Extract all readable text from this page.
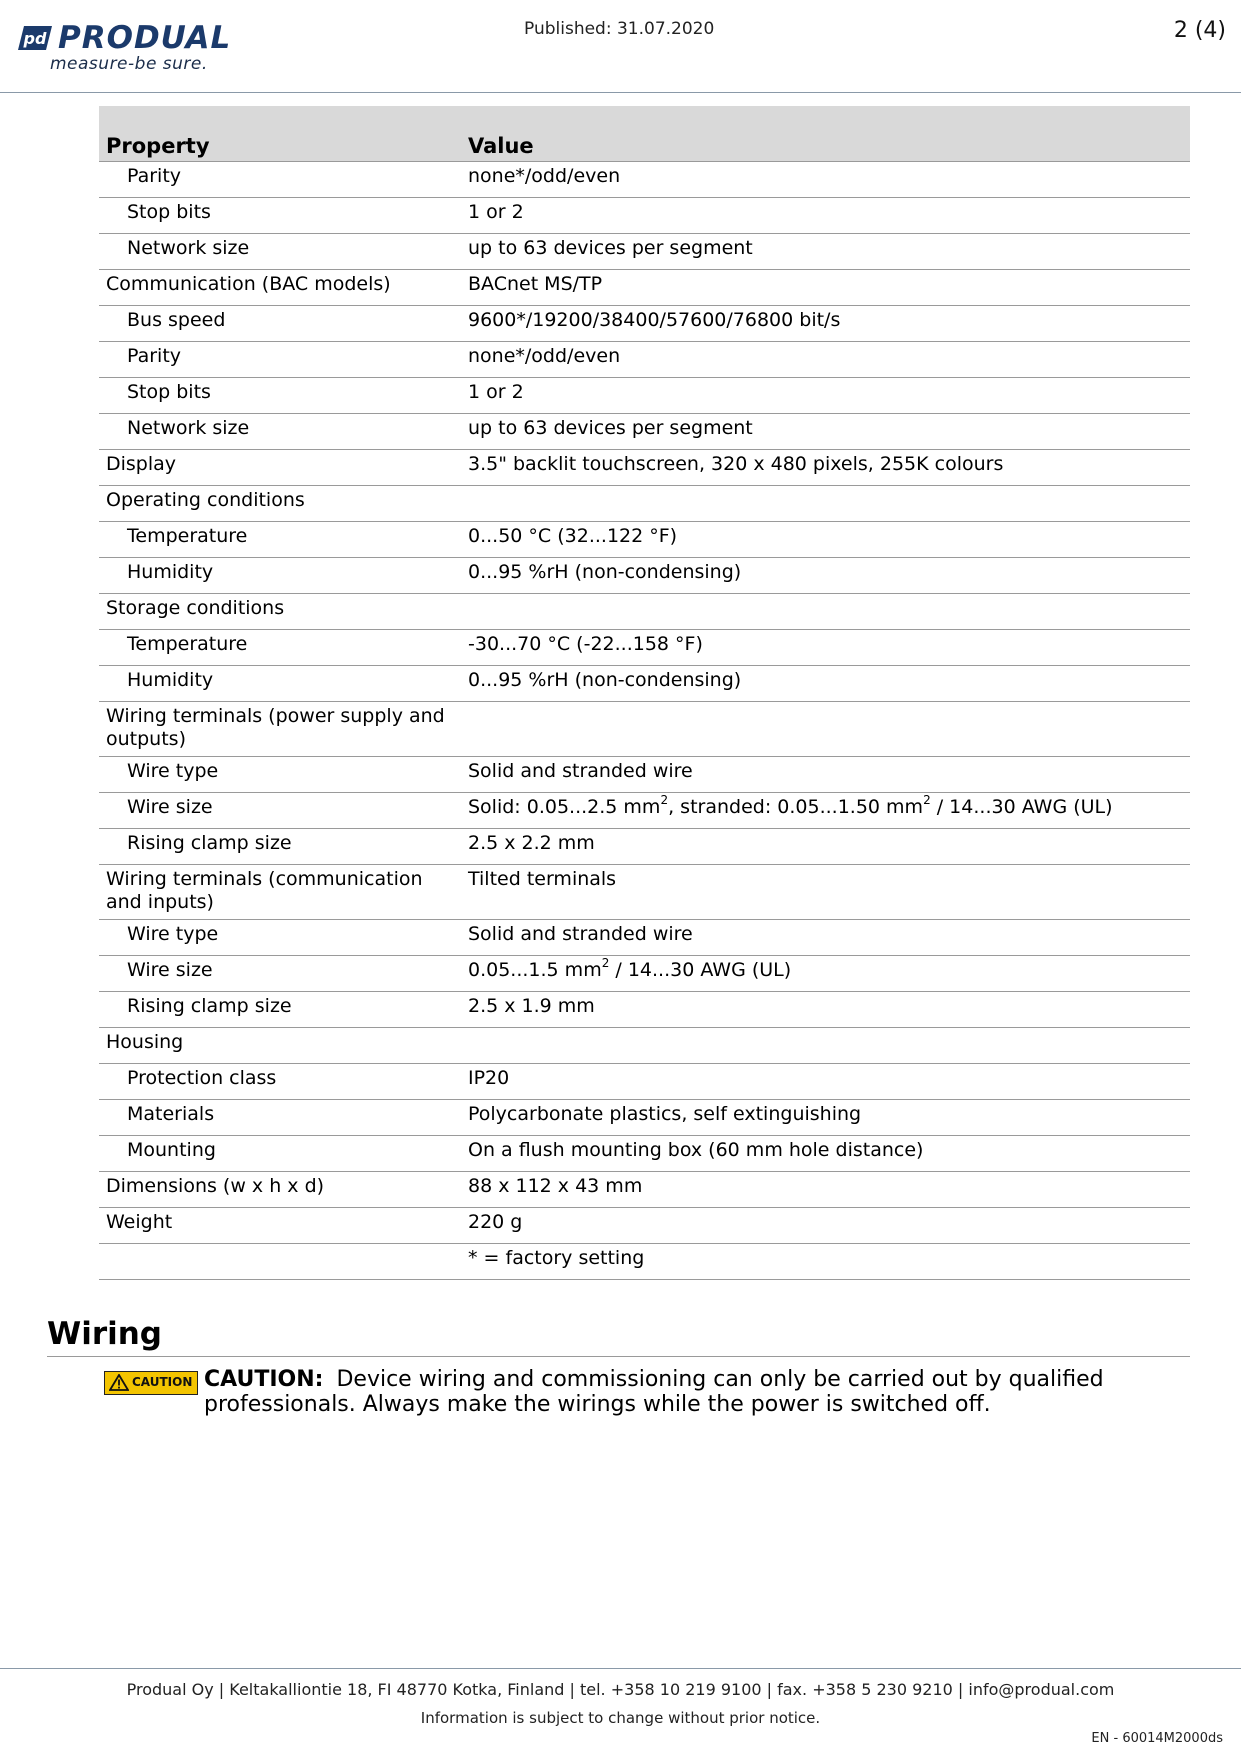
pd PRODUAL
measure-be sure.
Published: 31.07.2020	2 (4)
Property	Value
Parity	none*/odd/even
Stop bits	1 or 2
Network size	up to 63 devices per segment
Communication (BAC models)	BACnet MS/TP
Bus speed	9600*/19200/38400/57600/76800 bit/s
Parity	none*/odd/even
Stop bits	1 or 2
Network size	up to 63 devices per segment
Display	3.5" backlit touchscreen, 320 x 480 pixels, 255K colours
Operating conditions	
Temperature	0...50 °C (32...122 °F)
Humidity	0...95 %rH (non-condensing)
Storage conditions	
Temperature	-30...70 °C (-22...158 °F)
Humidity	0...95 %rH (non-condensing)
Wiring terminals (power supply and outputs)	
Wire type	Solid and stranded wire
Wire size	Solid: 0.05...2.5 $mm^2$, stranded: 0.05...1.50 $mm^2 / 14...30$ AWG (UL)
Rising clamp size	2.5 x 2.2 mm
Wiring terminals (communication and inputs)	Tilted terminals
Wire type	Solid and stranded wire
Wire size	0.05...1.5 $mm^2 / 14...30$ AWG (UL)
Rising clamp size	2.5 x 1.9 mm
Housing	
Protection class	IP20
Materials	Polycarbonate plastics, self extinguishing
Mounting	On a flush mounting box (60 mm hole distance)
Dimensions (w x h x d)	88 x 112 x 43 mm
Weight	220 g
	* = factory setting
Wiring
CAUTION CAUTION: Device wiring and commissioning can only be carried out by qualified professionals. Always make the wirings while the power is switched off.
Produal Oy | Keltakalliontie 18, FI 48770 Kotka, Finland | tel. +358 10 219 9100 | fax. +358 5 230 9210 | info@produal.com
Information is subject to change without prior notice.
EN - 60014M2000ds
